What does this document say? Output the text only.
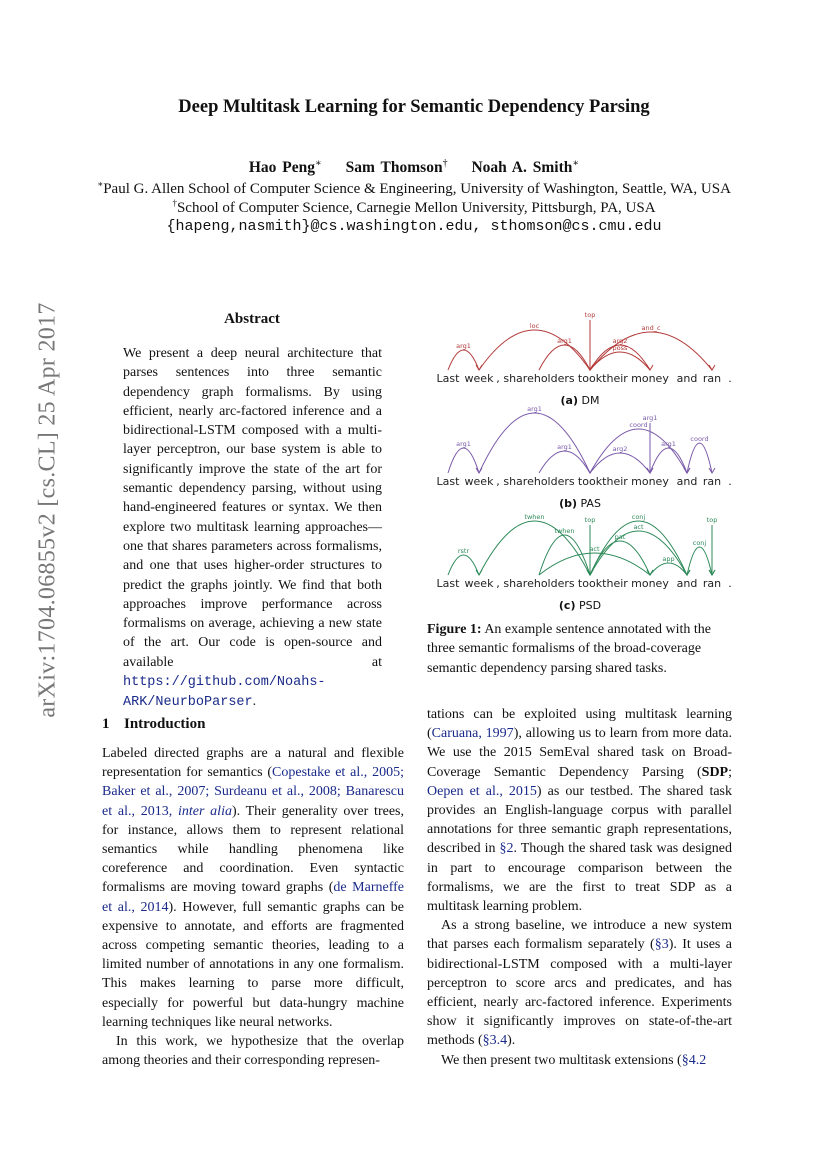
arXiv:1704.06855v2 [cs.CL] 25 Apr 2017
Deep Multitask Learning for Semantic Dependency Parsing
Hao Peng∗ Sam Thomson† Noah A. Smith∗
∗Paul G. Allen School of Computer Science & Engineering, University of Washington, Seattle, WA, USA
†School of Computer Science, Carnegie Mellon University, Pittsburgh, PA, USA
{hapeng,nasmith}@cs.washington.edu, sthomson@cs.cmu.edu
Abstract
We present a deep neural architecture that parses sentences into three semantic dependency graph formalisms. By using efficient, nearly arc-factored inference and a bidirectional-LSTM composed with a multi-layer perceptron, our base system is able to significantly improve the state of the art for semantic dependency parsing, without using hand-engineered features or syntax. We then explore two multitask learning approaches—one that shares parameters across formalisms, and one that uses higher-order structures to predict the graphs jointly. We find that both approaches improve performance across formalisms on average, achieving a new state of the art. Our code is open-source and available at https://github.com/Noahs-ARK/NeurboParser.
1 Introduction

Labeled directed graphs are a natural and flexible representation for semantics (Copestake et al., 2005; Baker et al., 2007; Surdeanu et al., 2008; Banarescu et al., 2013, inter alia). Their generality over trees, for instance, allows them to represent relational semantics while handling phenomena like coreference and coordination. Even syntactic formalisms are moving toward graphs (de Marneffe et al., 2014). However, full semantic graphs can be expensive to annotate, and efforts are fragmented across competing semantic theories, leading to a limited number of annotations in any one formalism. This makes learning to parse more difficult, especially for powerful but data-hungry machine learning techniques like neural networks.

In this work, we hypothesize that the overlap among theories and their corresponding represen-

tations can be exploited using multitask learning (Caruana, 1997), allowing us to learn from more data. We use the 2015 SemEval shared task on Broad-Coverage Semantic Dependency Parsing (SDP; Oepen et al., 2015) as our testbed. The shared task provides an English-language corpus with parallel annotations for three semantic graph representations, described in §2. Though the shared task was designed in part to encourage comparison between the formalisms, we are the first to treat SDP as a multitask learning problem.

As a strong baseline, we introduce a new system that parses each formalism separately (§3). It uses a bidirectional-LSTM composed with a multi-layer perceptron to score arcs and predicates, and has efficient, nearly arc-factored inference. Experiments show it significantly improves on state-of-the-art methods (§3.4).

We then present two multitask extensions (§4.2

Last week , shareholders took their money and ran .
arg1
loc
arg1
poss
and_c
arg2
top
(a) DM
Last week , shareholders took their money and ran .
arg1
arg1
arg1
coord
arg2
arg1
coord
arg1
(b) PAS
Last week , shareholders took their money and ran .
twhen
rstr
twhen	act
act
pat
app
conj
conj
top	top
(c) PSD
Figure 1: An example sentence annotated with the three semantic formalisms of the broad-coverage semantic dependency parsing shared tasks.
